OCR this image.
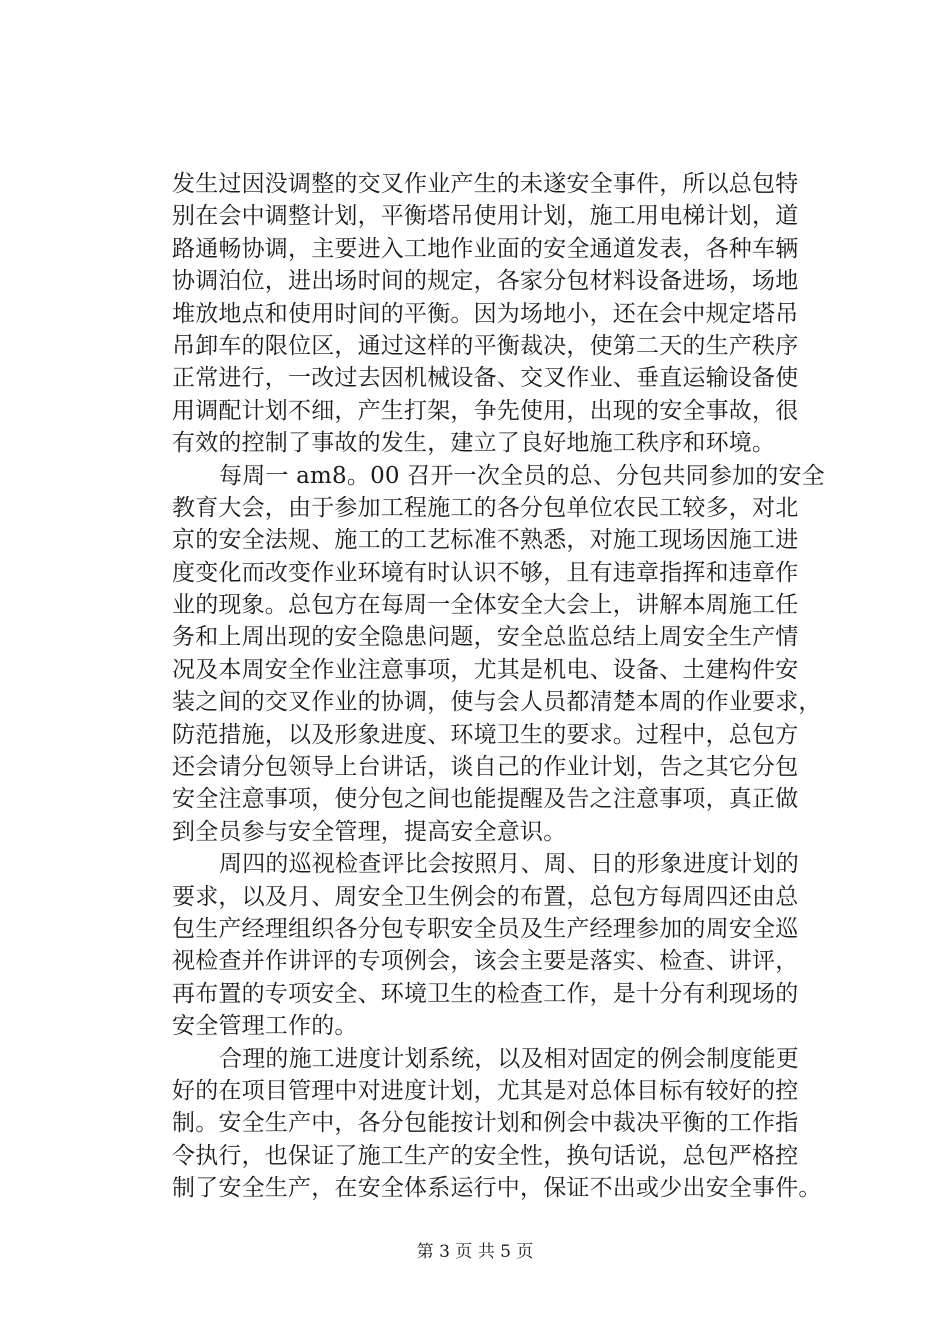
发生过因没调整的交叉作业产生的未遂安全事件，所以总包特
别在会中调整计划，平衡塔吊使用计划，施工用电梯计划，道
路通畅协调，主要进入工地作业面的安全通道发表，各种车辆
协调泊位，进出场时间的规定，各家分包材料设备进场，场地
堆放地点和使用时间的平衡。因为场地小，还在会中规定塔吊
吊卸车的限位区，通过这样的平衡裁决，使第二天的生产秩序
正常进行，一改过去因机械设备、交叉作业、垂直运输设备使
用调配计划不细，产生打架，争先使用，出现的安全事故，很
有效的控制了事故的发生，建立了良好地施工秩序和环境。
每周一 am8。00 召开一次全员的总、分包共同参加的安全
教育大会，由于参加工程施工的各分包单位农民工较多，对北
京的安全法规、施工的工艺标准不熟悉，对施工现场因施工进
度变化而改变作业环境有时认识不够，且有违章指挥和违章作
业的现象。总包方在每周一全体安全大会上，讲解本周施工任
务和上周出现的安全隐患问题，安全总监总结上周安全生产情
况及本周安全作业注意事项，尤其是机电、设备、土建构件安
装之间的交叉作业的协调，使与会人员都清楚本周的作业要求，
防范措施，以及形象进度、环境卫生的要求。过程中，总包方
还会请分包领导上台讲话，谈自己的作业计划，告之其它分包
安全注意事项，使分包之间也能提醒及告之注意事项，真正做
到全员参与安全管理，提高安全意识。
周四的巡视检查评比会按照月、周、日的形象进度计划的
要求，以及月、周安全卫生例会的布置，总包方每周四还由总
包生产经理组织各分包专职安全员及生产经理参加的周安全巡
视检查并作讲评的专项例会，该会主要是落实、检查、讲评，
再布置的专项安全、环境卫生的检查工作，是十分有利现场的
安全管理工作的。
合理的施工进度计划系统，以及相对固定的例会制度能更
好的在项目管理中对进度计划，尤其是对总体目标有较好的控
制。安全生产中，各分包能按计划和例会中裁决平衡的工作指
令执行，也保证了施工生产的安全性，换句话说，总包严格控
制了安全生产，在安全体系运行中，保证不出或少出安全事件。
第 3 页 共 5 页
